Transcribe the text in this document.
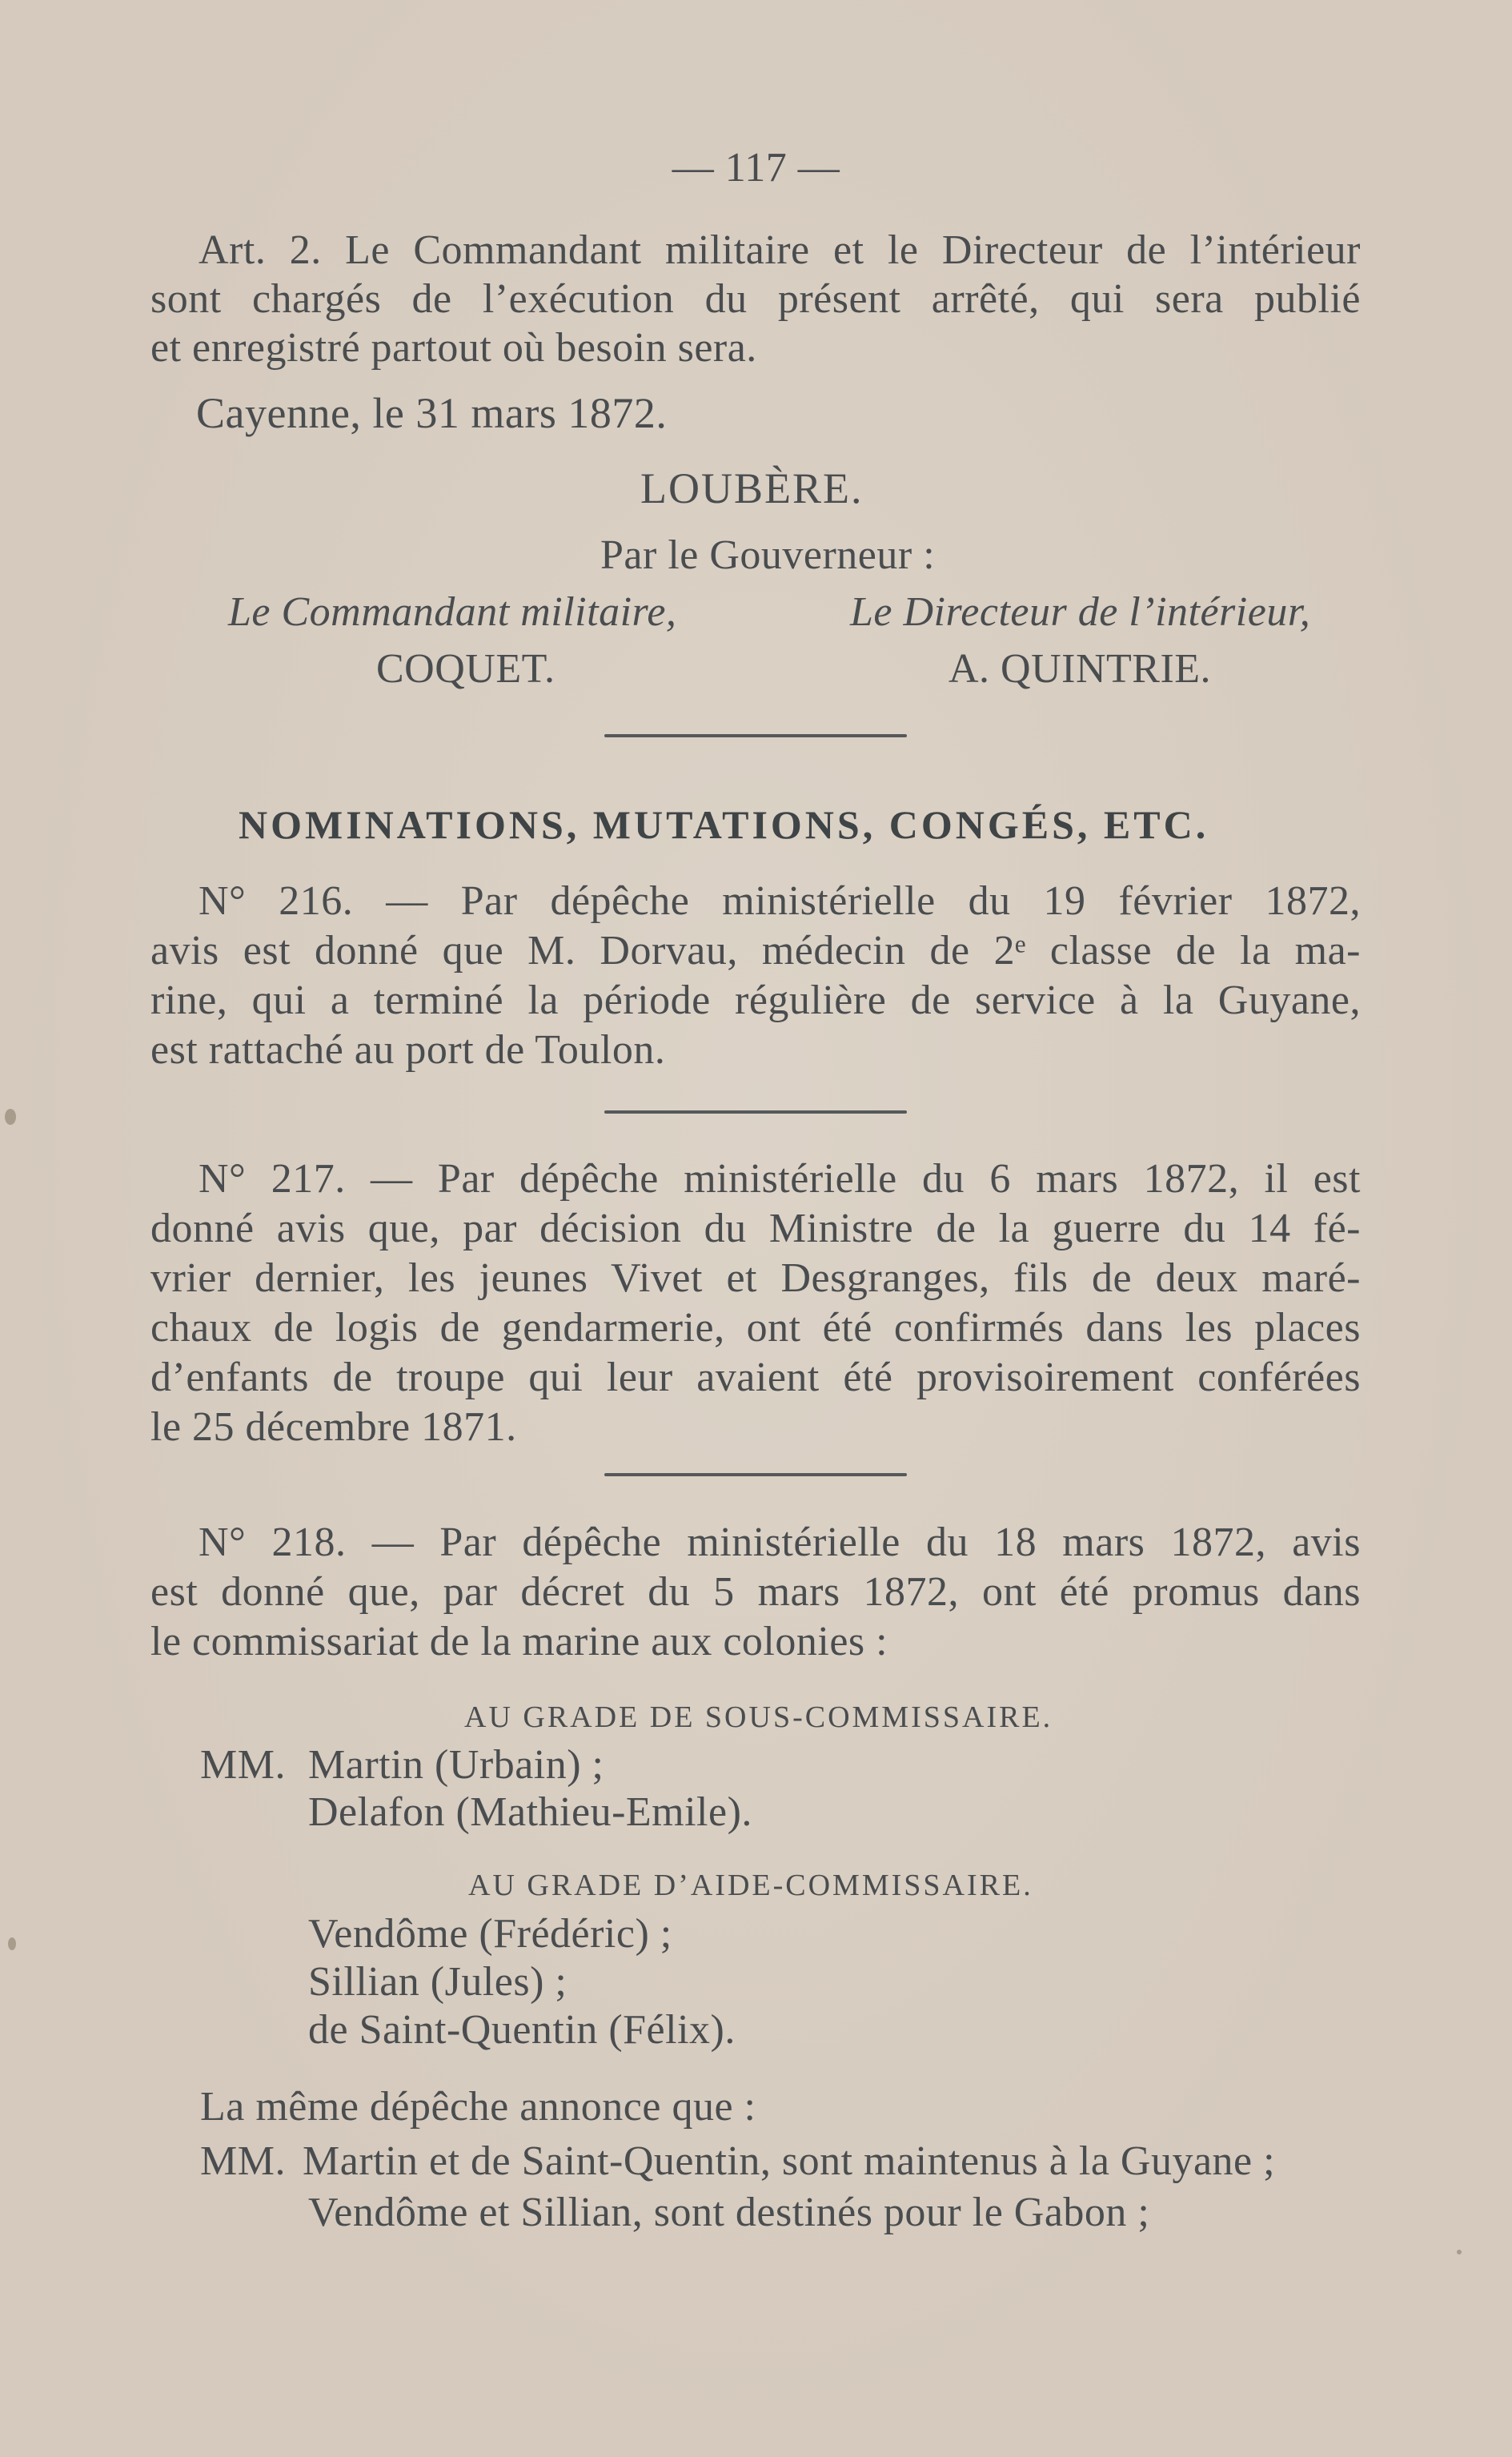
— 117 —

Art. 2. Le Commandant militaire et le Directeur de l’intérieur

sont chargés de l’exécution du présent arrêté, qui sera publié

et enregistré partout où besoin sera.

Cayenne, le 31 mars 1872.

LOUBÈRE.

Par le Gouverneur :

Le Commandant militaire,	Le Directeur de l’intérieur,

COQUET.	A. QUINTRIE.

NOMINATIONS, MUTATIONS, CONGÉS, ETC.

N° 216. — Par dépêche ministérielle du 19 février 1872,

avis est donné que M. Dorvau, médecin de 2ᵉ classe de la ma-

rine, qui a terminé la période régulière de service à la Guyane,

est rattaché au port de Toulon.

N° 217. — Par dépêche ministérielle du 6 mars 1872, il est

donné avis que, par décision du Ministre de la guerre du 14 fé-

vrier dernier, les jeunes Vivet et Desgranges, fils de deux maré-

chaux de logis de gendarmerie, ont été confirmés dans les places

d’enfants de troupe qui leur avaient été provisoirement conférées

le 25 décembre 1871.

N° 218. — Par dépêche ministérielle du 18 mars 1872, avis

est donné que, par décret du 5 mars 1872, ont été promus dans

le commissariat de la marine aux colonies :

AU GRADE DE SOUS-COMMISSAIRE.

MM. Martin (Urbain) ;

Delafon (Mathieu-Emile).

AU GRADE D’AIDE-COMMISSAIRE.

Vendôme (Frédéric) ;

Sillian (Jules) ;

de Saint-Quentin (Félix).

La même dépêche annonce que :

MM. Martin et de Saint-Quentin, sont maintenus à la Guyane ;

Vendôme et Sillian, sont destinés pour le Gabon ;
